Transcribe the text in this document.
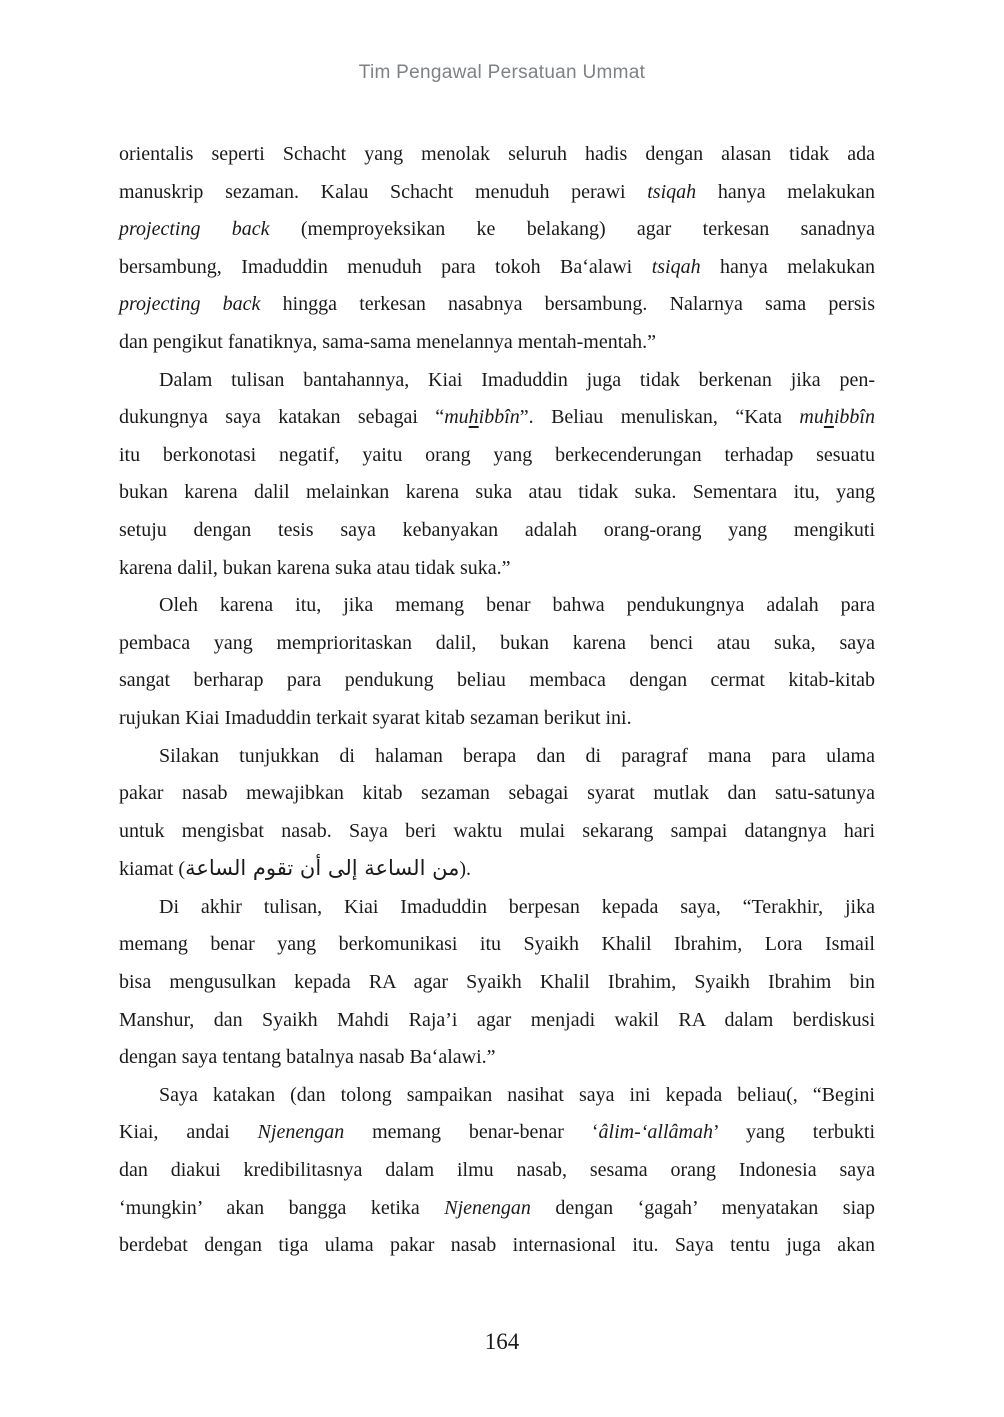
Tim Pengawal Persatuan Ummat

orientalis seperti Schacht yang menolak seluruh hadis dengan alasan tidak ada
manuskrip sezaman. Kalau Schacht menuduh perawi tsiqah hanya melakukan
projecting back (memproyeksikan ke belakang) agar terkesan sanadnya
bersambung, Imaduddin menuduh para tokoh Ba‘alawi tsiqah hanya melakukan
projecting back hingga terkesan nasabnya bersambung. Nalarnya sama persis
dan pengikut fanatiknya, sama-sama menelannya mentah-mentah.”

Dalam tulisan bantahannya, Kiai Imaduddin juga tidak berkenan jika pen-
dukungnya saya katakan sebagai “muhibbîn”. Beliau menuliskan, “Kata muhibbîn
itu berkonotasi negatif, yaitu orang yang berkecenderungan terhadap sesuatu
bukan karena dalil melainkan karena suka atau tidak suka. Sementara itu, yang
setuju dengan tesis saya kebanyakan adalah orang-orang yang mengikuti
karena dalil, bukan karena suka atau tidak suka.”

Oleh karena itu, jika memang benar bahwa pendukungnya adalah para
pembaca yang memprioritaskan dalil, bukan karena benci atau suka, saya
sangat berharap para pendukung beliau membaca dengan cermat kitab-kitab
rujukan Kiai Imaduddin terkait syarat kitab sezaman berikut ini.

Silakan tunjukkan di halaman berapa dan di paragraf mana para ulama
pakar nasab mewajibkan kitab sezaman sebagai syarat mutlak dan satu-satunya
untuk mengisbat nasab. Saya beri waktu mulai sekarang sampai datangnya hari
kiamat (من الساعة إلى أن تقوم الساعة).

Di akhir tulisan, Kiai Imaduddin berpesan kepada saya, “Terakhir, jika
memang benar yang berkomunikasi itu Syaikh Khalil Ibrahim, Lora Ismail
bisa mengusulkan kepada RA agar Syaikh Khalil Ibrahim, Syaikh Ibrahim bin
Manshur, dan Syaikh Mahdi Raja’i agar menjadi wakil RA dalam berdiskusi
dengan saya tentang batalnya nasab Ba‘alawi.”

Saya katakan (dan tolong sampaikan nasihat saya ini kepada beliau(, “Begini
Kiai, andai Njenengan memang benar-benar ‘âlim-‘allâmah’ yang terbukti
dan diakui kredibilitasnya dalam ilmu nasab, sesama orang Indonesia saya
‘mungkin’ akan bangga ketika Njenengan dengan ‘gagah’ menyatakan siap
berdebat dengan tiga ulama pakar nasab internasional itu. Saya tentu juga akan

164
